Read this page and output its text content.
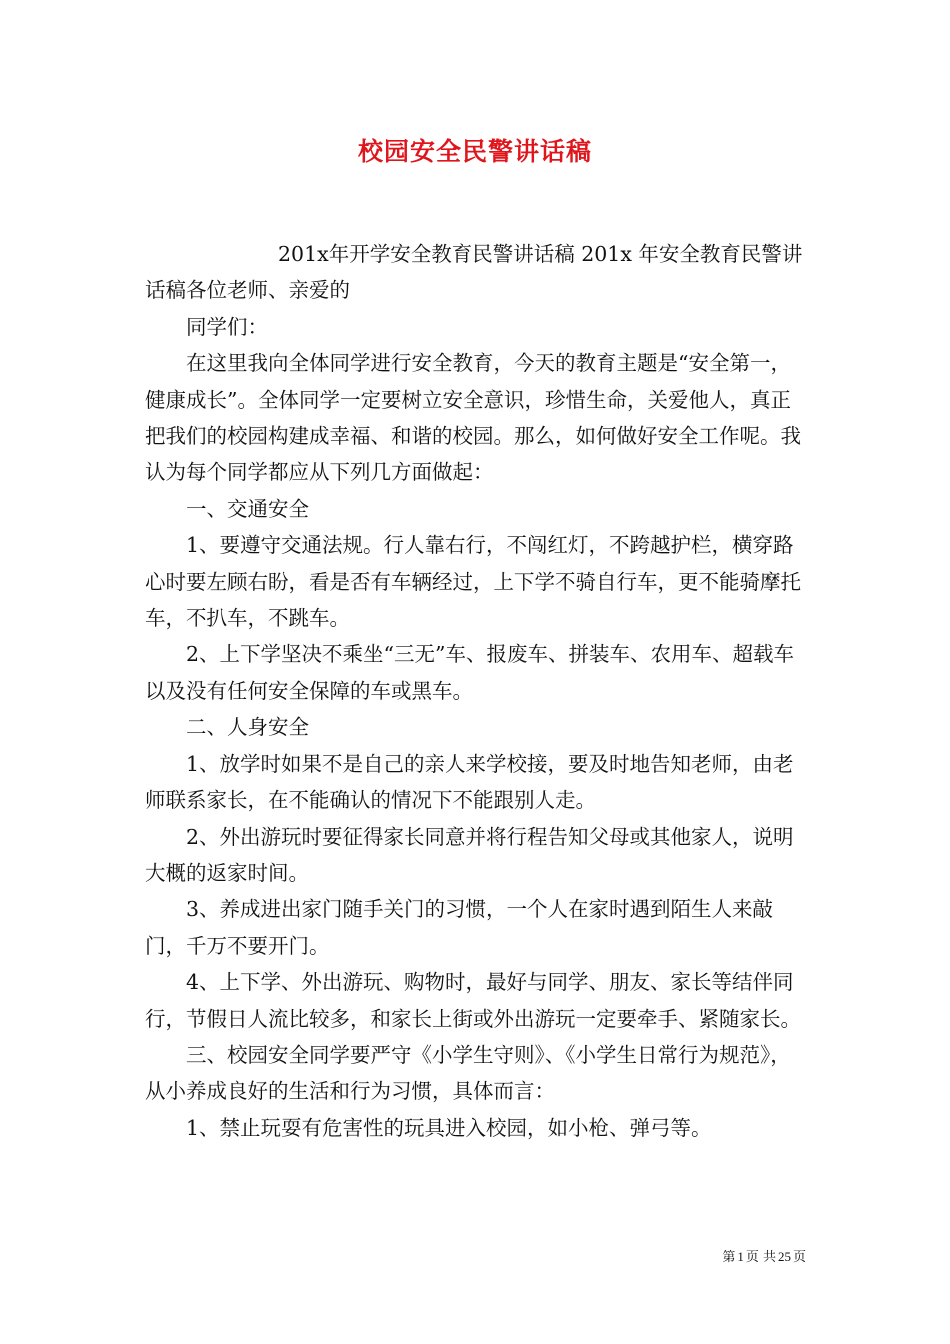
校园安全民警讲话稿

201x年开学安全教育民警讲话稿 201x 年安全教育民警讲话稿各位老师、亲爱的

同学们：

在这里我向全体同学进行安全教育，今天的教育主题是“安全第一，健康成长”。全体同学一定要树立安全意识，珍惜生命，关爱他人，真正把我们的校园构建成幸福、和谐的校园。那么，如何做好安全工作呢。我认为每个同学都应从下列几方面做起：

一、交通安全

1、要遵守交通法规。行人靠右行，不闯红灯，不跨越护栏，横穿路心时要左顾右盼，看是否有车辆经过，上下学不骑自行车，更不能骑摩托车，不扒车，不跳车。

2、上下学坚决不乘坐“三无”车、报废车、拼装车、农用车、超载车以及没有任何安全保障的车或黑车。

二、人身安全

1、放学时如果不是自己的亲人来学校接，要及时地告知老师，由老师联系家长，在不能确认的情况下不能跟别人走。

2、外出游玩时要征得家长同意并将行程告知父母或其他家人，说明大概的返家时间。

3、养成进出家门随手关门的习惯，一个人在家时遇到陌生人来敲门，千万不要开门。

4、上下学、外出游玩、购物时，最好与同学、朋友、家长等结伴同行，节假日人流比较多，和家长上街或外出游玩一定要牵手、紧随家长。

三、校园安全同学要严守《小学生守则》、《小学生日常行为规范》，从小养成良好的生活和行为习惯，具体而言：

1、禁止玩耍有危害性的玩具进入校园，如小枪、弹弓等。

第 1 页 共 25 页
